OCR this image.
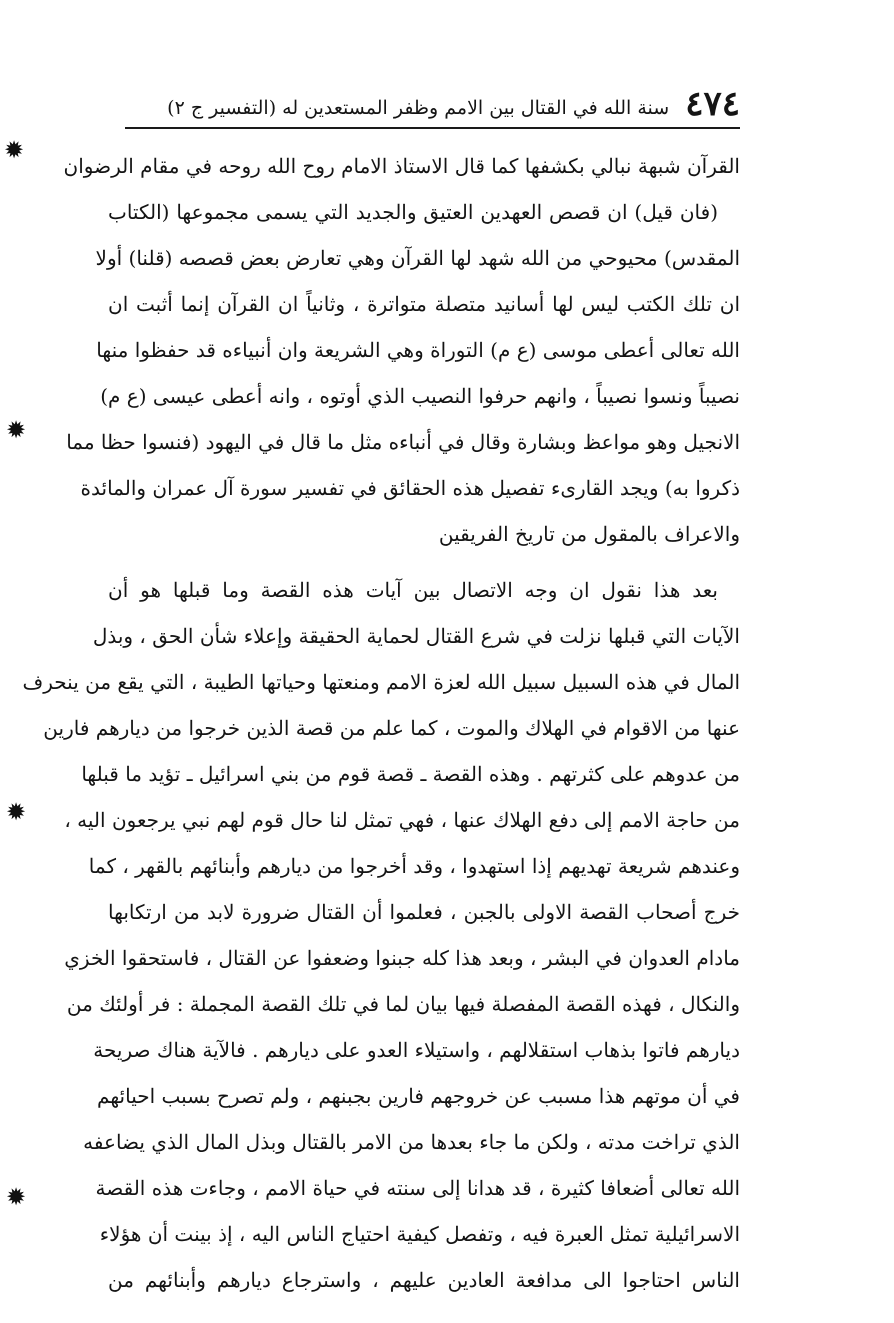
٤٧٤
سنة الله في القتال بين الامم وظفر المستعدين له (التفسير ج ٢)
✹
✹
✹
✹
القرآن شبهة نبالي بكشفها كما قال الاستاذ الامام روح الله روحه في مقام الرضوان
(فان قيل) ان قصص العهدين العتيق والجديد التي يسمى مجموعها (الكتاب
المقدس) محيوحي من الله شهد لها القرآن وهي تعارض بعض قصصه (قلنا) أولا
ان تلك الكتب ليس لها أسانيد متصلة متواترة ، وثانياً ان القرآن إنما أثبت ان
الله تعالى أعطى موسى (ع م) التوراة وهي الشريعة وان أنبياءه قد حفظوا منها
نصيباً ونسوا نصيباً ، وانهم حرفوا النصيب الذي أوتوه ، وانه أعطى عيسى (ع م)
الانجيل وهو مواعظ وبشارة وقال في أنباءه مثل ما قال في اليهود (فنسوا حظا مما
ذكروا به) ويجد القارىء تفصيل هذه الحقائق في تفسير سورة آل عمران والمائدة
والاعراف بالمقول من تاريخ الفريقين
بعد هذا نقول ان وجه الاتصال بين آيات هذه القصة وما قبلها هو أن
الآيات التي قبلها نزلت في شرع القتال لحماية الحقيقة وإعلاء شأن الحق ، وبذل
المال في هذه السبيل سبيل الله لعزة الامم ومنعتها وحياتها الطيبة ، التي يقع من ينحرف
عنها من الاقوام في الهلاك والموت ، كما علم من قصة الذين خرجوا من ديارهم فارين
من عدوهم على كثرتهم . وهذه القصة ـ قصة قوم من بني اسرائيل ـ تؤيد ما قبلها
من حاجة الامم إلى دفع الهلاك عنها ، فهي تمثل لنا حال قوم لهم نبي يرجعون اليه ،
وعندهم شريعة تهديهم إذا استهدوا ، وقد أخرجوا من ديارهم وأبنائهم بالقهر ، كما
خرج أصحاب القصة الاولى بالجبن ، فعلموا أن القتال ضرورة لابد من ارتكابها
مادام العدوان في البشر ، وبعد هذا كله جبنوا وضعفوا عن القتال ، فاستحقوا الخزي
والنكال ، فهذه القصة المفصلة فيها بيان لما في تلك القصة المجملة : فر أولئك من
ديارهم فاتوا بذهاب استقلالهم ، واستيلاء العدو على ديارهم . فالآية هناك صريحة
في أن موتهم هذا مسبب عن خروجهم فارين بجبنهم ، ولم تصرح بسبب احيائهم
الذي تراخت مدته ، ولكن ما جاء بعدها من الامر بالقتال وبذل المال الذي يضاعفه
الله تعالى أضعافا كثيرة ، قد هدانا إلى سنته في حياة الامم ، وجاءت هذه القصة
الاسرائيلية تمثل العبرة فيه ، وتفصل كيفية احتياج الناس اليه ، إذ بينت أن هؤلاء
الناس احتاجوا الى مدافعة العادين عليهم ، واسترجاع ديارهم وأبنائهم من
